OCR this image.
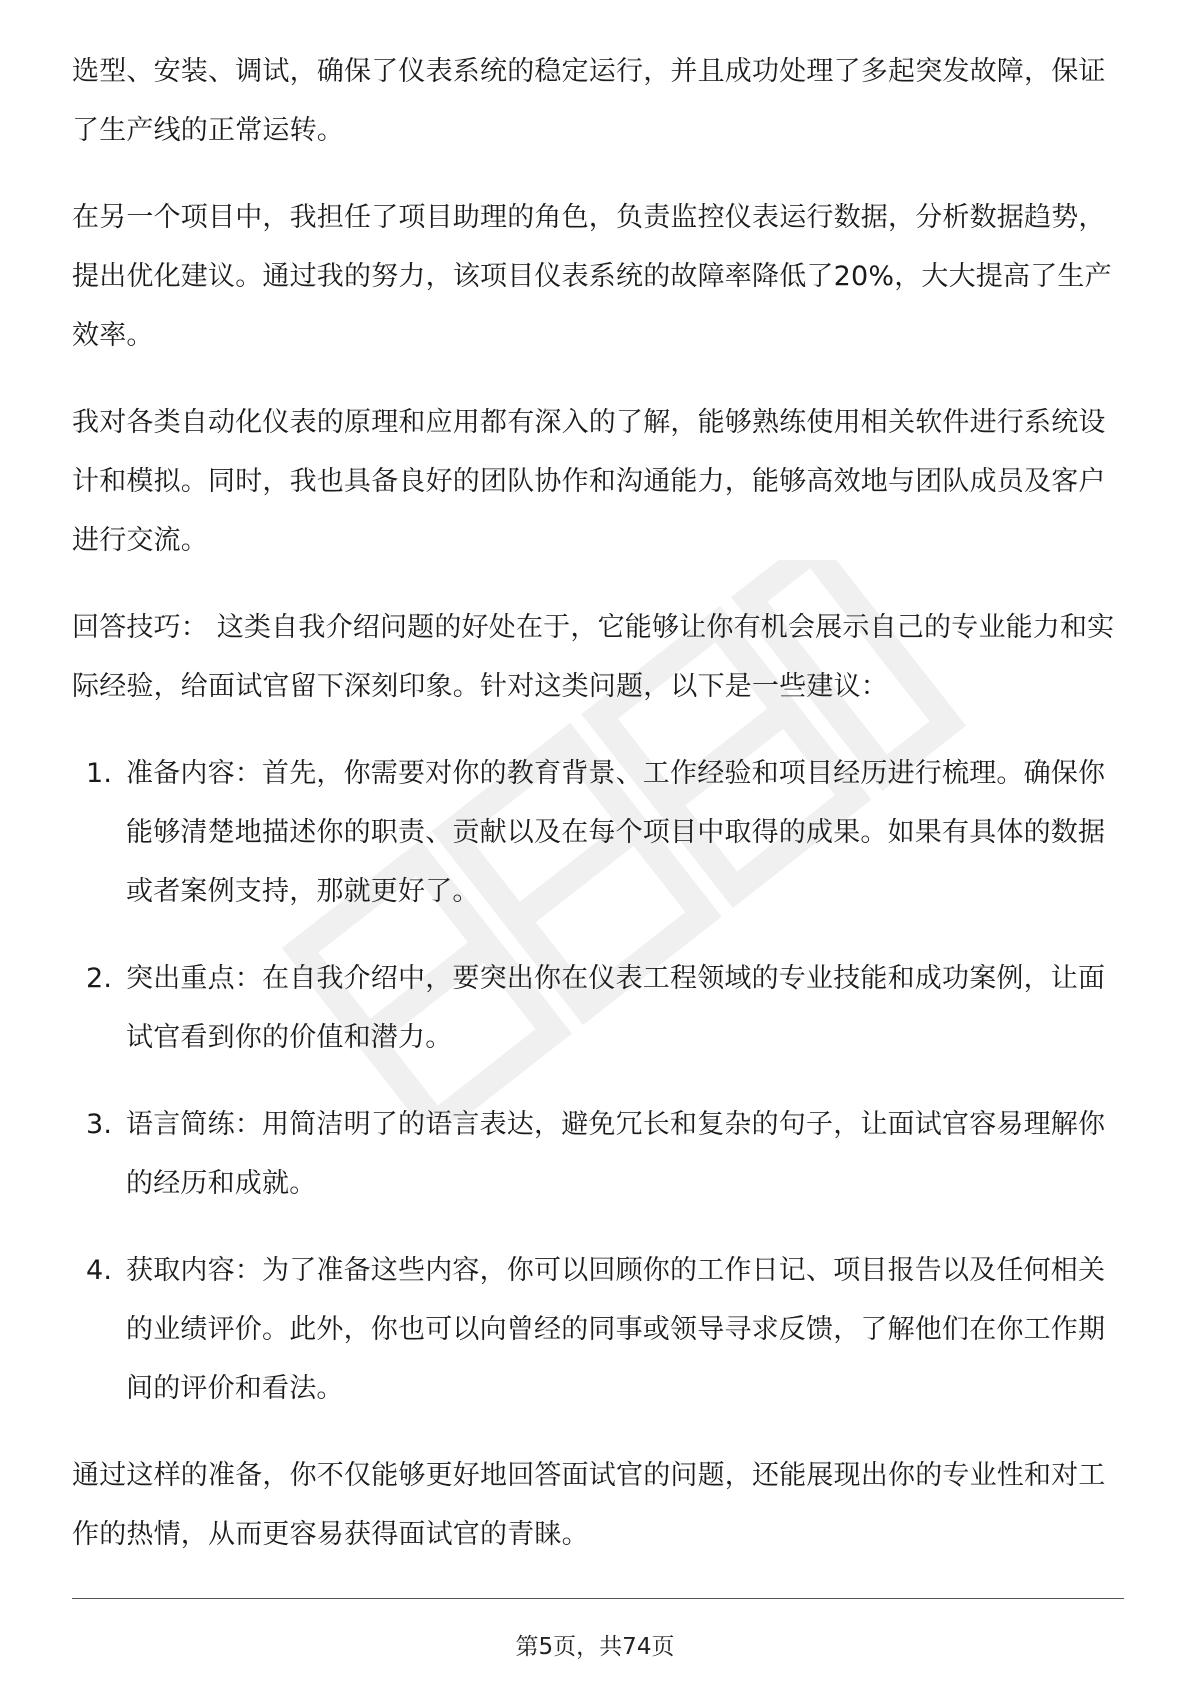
选型、安装、调试，确保了仪表系统的稳定运行，并且成功处理了多起突发故障，保证了生产线的正常运转。

在另一个项目中，我担任了项目助理的角色，负责监控仪表运行数据，分析数据趋势，提出优化建议。通过我的努力，该项目仪表系统的故障率降低了20%，大大提高了生产效率。

我对各类自动化仪表的原理和应用都有深入的了解，能够熟练使用相关软件进行系统设计和模拟。同时，我也具备良好的团队协作和沟通能力，能够高效地与团队成员及客户进行交流。

回答技巧： 这类自我介绍问题的好处在于，它能够让你有机会展示自己的专业能力和实际经验，给面试官留下深刻印象。针对这类问题，以下是一些建议：

1. 准备内容：首先，你需要对你的教育背景、工作经验和项目经历进行梳理。确保你能够清楚地描述你的职责、贡献以及在每个项目中取得的成果。如果有具体的数据或者案例支持，那就更好了。
2. 突出重点：在自我介绍中，要突出你在仪表工程领域的专业技能和成功案例，让面试官看到你的价值和潜力。
3. 语言简练：用简洁明了的语言表达，避免冗长和复杂的句子，让面试官容易理解你的经历和成就。
4. 获取内容：为了准备这些内容，你可以回顾你的工作日记、项目报告以及任何相关的业绩评价。此外，你也可以向曾经的同事或领导寻求反馈，了解他们在你工作期间的评价和看法。

通过这样的准备，你不仅能够更好地回答面试官的问题，还能展现出你的专业性和对工作的热情，从而更容易获得面试官的青睐。

第5页，共74页
